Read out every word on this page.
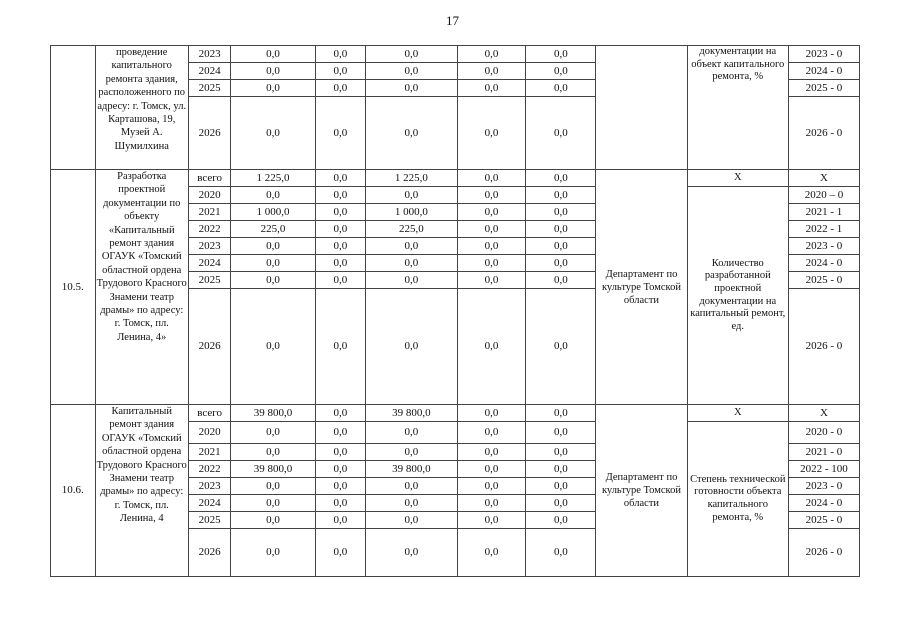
17
	проведение капитального ремонта здания, расположенного по адресу: г. Томск, ул. Карташова, 19, Музей А. Шумилхина	2023	0,0	0,0	0,0	0,0	0,0		документации на объект капитального ремонта, %	2023 - 0
		2024	0,0	0,0	0,0	0,0	0,0			2024 - 0
		2025	0,0	0,0	0,0	0,0	0,0			2025 - 0
		2026	0,0	0,0	0,0	0,0	0,0			2026 - 0
10.5.	Разработка проектной документации по объекту «Капитальный ремонт здания ОГАУК «Томский областной ордена Трудового Красного Знамени театр драмы» по адресу: г. Томск, пл. Ленина, 4»	всего	1 225,0	0,0	1 225,0	0,0	0,0	Департамент по культуре Томской области	Х	Х
		2020	0,0	0,0	0,0	0,0	0,0		Количество разработанной проектной документации на капитальный ремонт, ед.	2020 – 0
		2021	1 000,0	0,0	1 000,0	0,0	0,0			2021 - 1
		2022	225,0	0,0	225,0	0,0	0,0			2022 - 1
		2023	0,0	0,0	0,0	0,0	0,0			2023 - 0
		2024	0,0	0,0	0,0	0,0	0,0			2024 - 0
		2025	0,0	0,0	0,0	0,0	0,0			2025 - 0
		2026	0,0	0,0	0,0	0,0	0,0			2026 - 0
10.6.	Капитальный ремонт здания ОГАУК «Томский областной ордена Трудового Красного Знамени театр драмы» по адресу: г. Томск, пл. Ленина, 4	всего	39 800,0	0,0	39 800,0	0,0	0,0	Департамент по культуре Томской области	Х	Х
		2020	0,0	0,0	0,0	0,0	0,0		Степень технической готовности объекта капитального ремонта, %	2020 - 0
		2021	0,0	0,0	0,0	0,0	0,0			2021 - 0
		2022	39 800,0	0,0	39 800,0	0,0	0,0			2022 - 100
		2023	0,0	0,0	0,0	0,0	0,0			2023 - 0
		2024	0,0	0,0	0,0	0,0	0,0			2024 - 0
		2025	0,0	0,0	0,0	0,0	0,0			2025 - 0
		2026	0,0	0,0	0,0	0,0	0,0			2026 - 0
